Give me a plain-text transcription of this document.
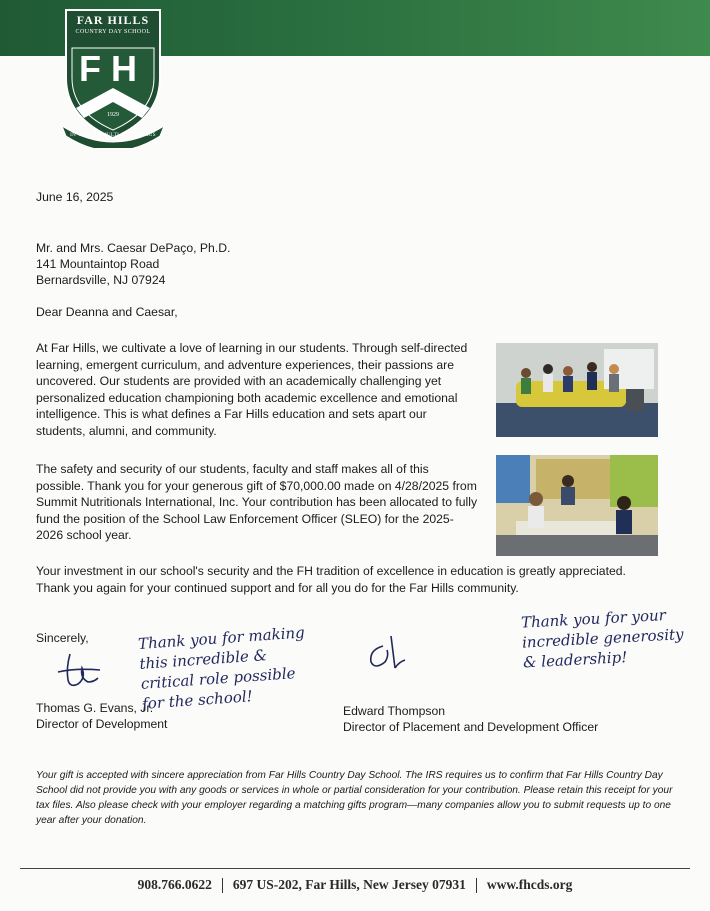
FAR HILLS
COUNTRY DAY SCHOOL
FH
1929
IN VIRTUTE MULTI ASCENDIMUS
June 16, 2025
Mr. and Mrs. Caesar DePaço, Ph.D.
141 Mountaintop Road
Bernardsville, NJ 07924
Dear Deanna and Caesar,
At Far Hills, we cultivate a love of learning in our students. Through self-directed learning, emergent curriculum, and adventure experiences, their passions are uncovered. Our students are provided with an academically challenging yet personalized education championing both academic excellence and emotional intelligence. This is what defines a Far Hills education and sets apart our students, alumni, and community.
The safety and security of our students, faculty and staff makes all of this possible. Thank you for your generous gift of $70,000.00 made on 4/28/2025 from Summit Nutritionals International, Inc. Your contribution has been allocated to fully fund the position of the School Law Enforcement Officer (SLEO) for the 2025-2026 school year.
Your investment in our school's security and the FH tradition of excellence in education is greatly appreciated. Thank you again for your continued support and for all you do for the Far Hills community.
Sincerely,
Thomas G. Evans, Jr.
Director of Development
Edward Thompson
Director of Placement and Development Officer
Thank you for making this incredible & critical role possible for the school!
Thank you for your incredible generosity & leadership!
Your gift is accepted with sincere appreciation from Far Hills Country Day School. The IRS requires us to confirm that Far Hills Country Day School did not provide you with any goods or services in whole or partial consideration for your contribution. Please retain this receipt for your tax files. Also please check with your employer regarding a matching gifts program—many companies allow you to submit requests up to one year after your donation.
908.766.0622 697 US-202, Far Hills, New Jersey 07931 www.fhcds.org
